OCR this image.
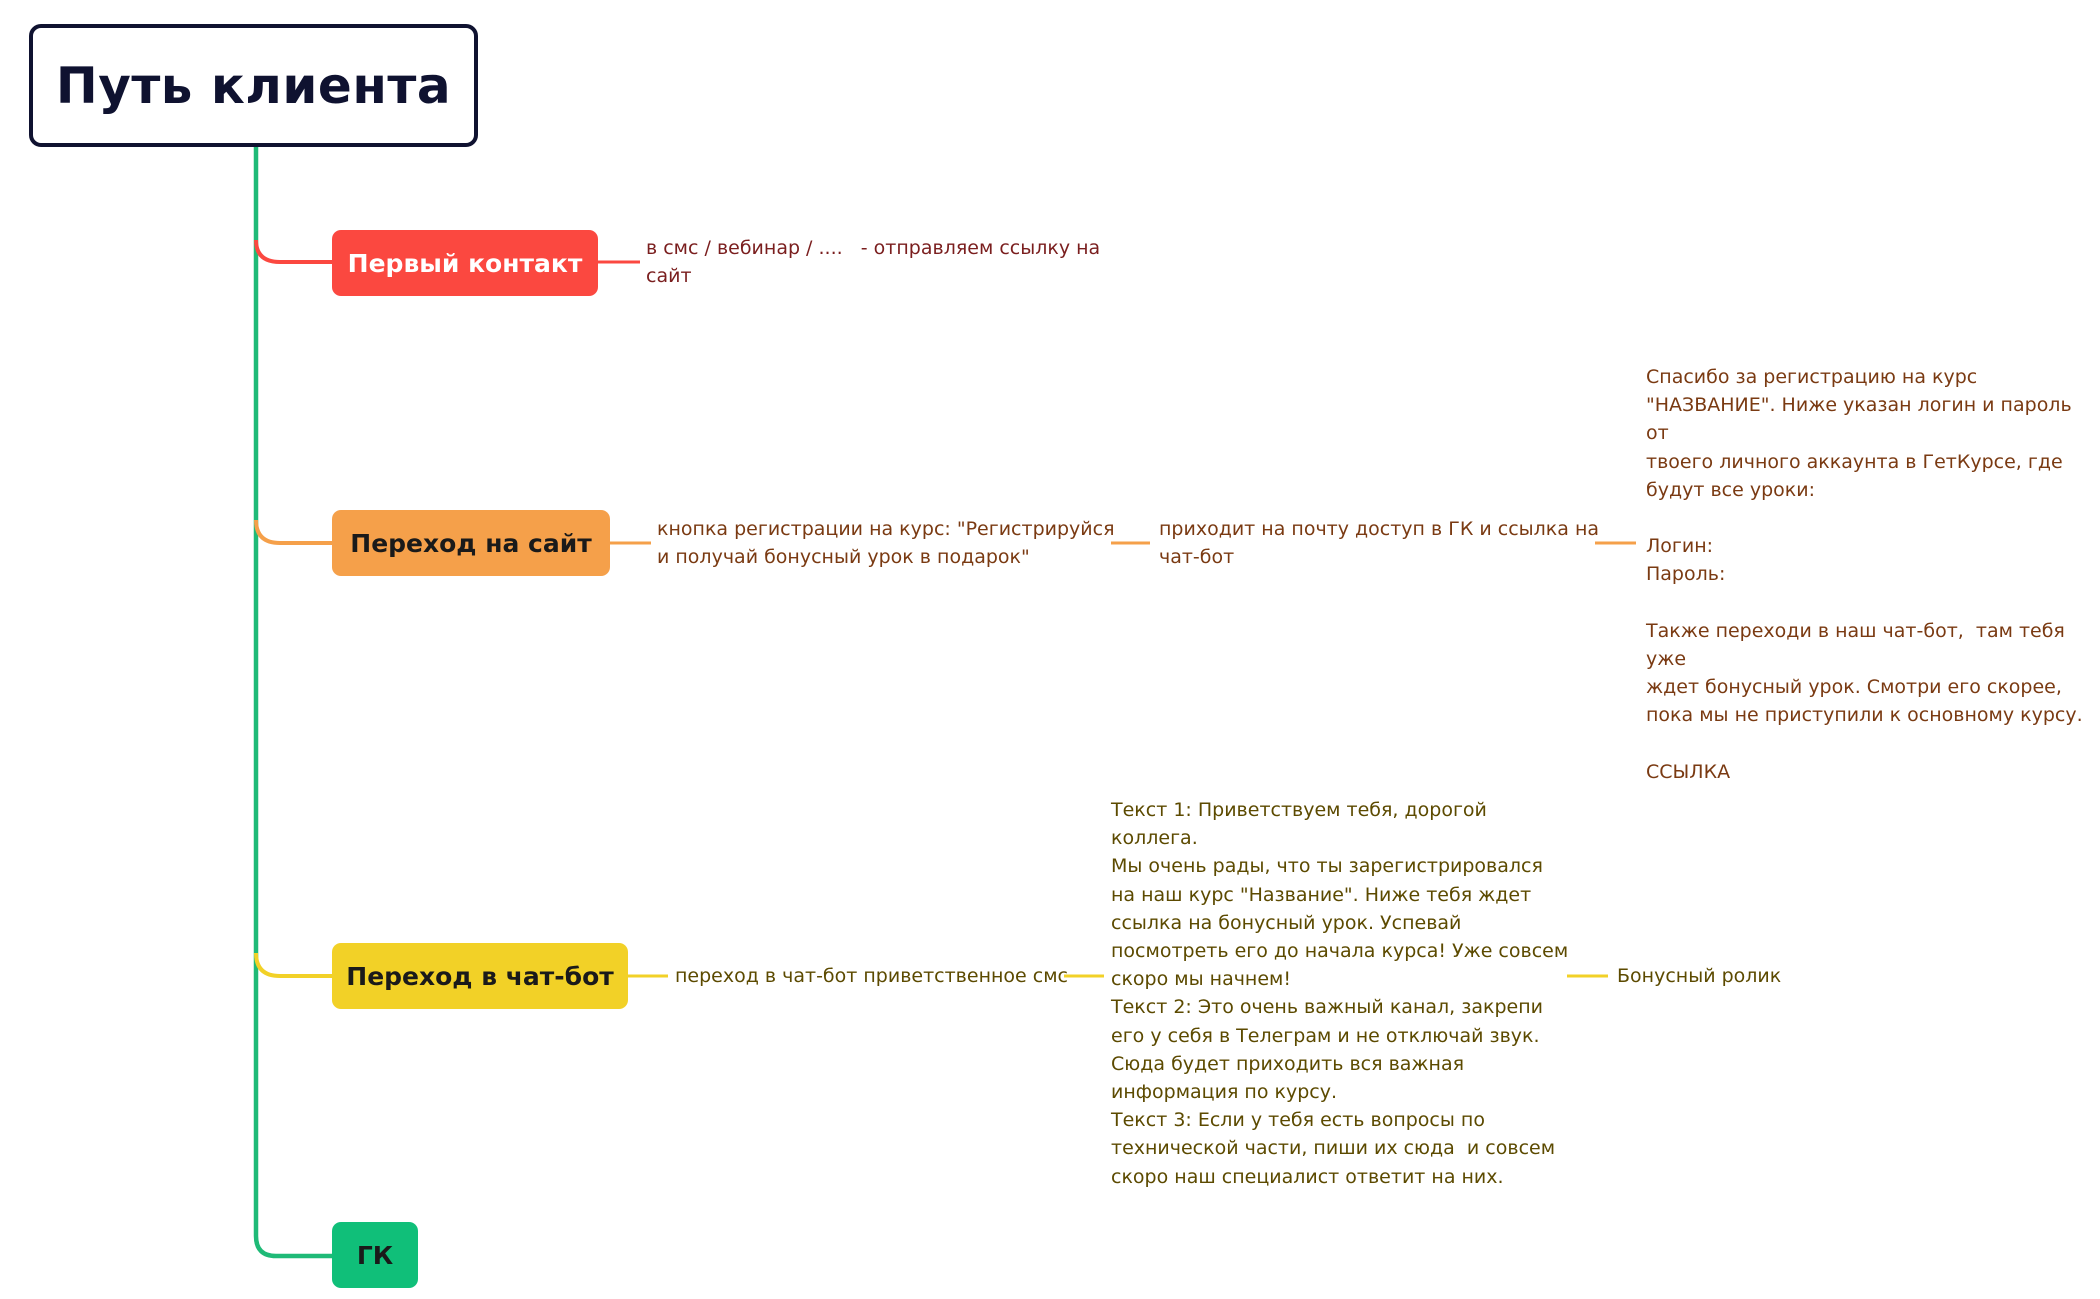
Путь клиента
Первый контакт
в смс / вебинар / ....   - отправляем ссылку на
сайт
Переход на сайт	кнопка регистрации на курс: "Регистрируйся
и получай бонусный урок в подарок"
приходит на почту доступ в ГК и ссылка на
чат-бот
Спасибо за регистрацию на курс
"НАЗВАНИЕ". Ниже указан логин и пароль от
твоего личного аккаунта в ГетКурсе, где
будут все уроки:

Логин:
Пароль:

Также переходи в наш чат-бот,  там тебя уже
ждет бонусный урок. Смотри его скорее,
пока мы не приступили к основному курсу.

ССЫЛКА
Переход в чат-бот	переход в чат-бот приветственное смс
Текст 1: Приветствуем тебя, дорогой коллега.
Мы очень рады, что ты зарегистрировался
на наш курс "Название". Ниже тебя ждет
ссылка на бонусный урок. Успевай
посмотреть его до начала курса! Уже совсем
скоро мы начнем!
Текст 2: Это очень важный канал, закрепи
его у себя в Телеграм и не отключай звук.
Сюда будет приходить вся важная
информация по курсу.
Текст 3: Если у тебя есть вопросы по
технической части, пиши их сюда  и совсем
скоро наш специалист ответит на них.
Бонусный ролик
ГК
